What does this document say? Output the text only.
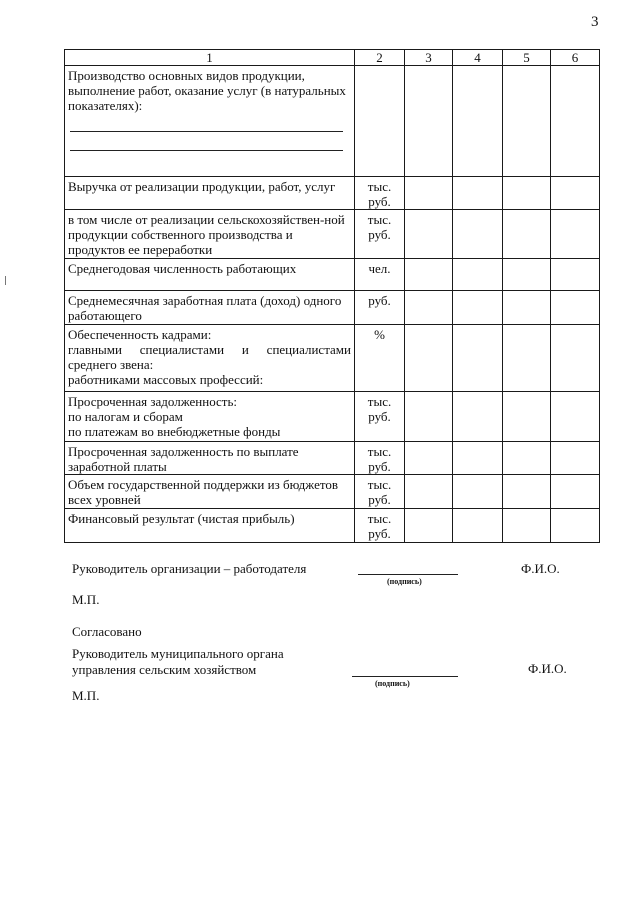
3
1	2	3	4	5	6

Производство основных видов продукции, выполнение работ, оказание услуг (в натуральных показателях):					

Выручка от реализации продукции, работ, услуг	тыс.
руб.				

в том числе от реализации сельскохозяйствен-ной продукции собственного производства и продуктов ее переработки	тыс.
руб.				

Среднегодовая численность работающих	чел.				

Среднемесячная заработная плата (доход) одного работающего	руб.				

Обеспеченность кадрами:
главными специалистами и специалистами среднего звена:
работниками массовых профессий:	%				

Просроченная задолженность:
по налогам и сборам
по платежам во внебюджетные фонды	тыс.
руб.				

Просроченная задолженность по выплате заработной платы	тыс.
руб.				

Объем государственной поддержки из бюджетов всех уровней	тыс.
руб.				

Финансовый результат (чистая прибыль)	тыс.
руб.				

Руководитель организации – работодателя
(подпись)
Ф.И.О.
М.П.
Согласовано
Руководитель муниципального органа
управления сельским хозяйством
(подпись)
Ф.И.О.
М.П.
